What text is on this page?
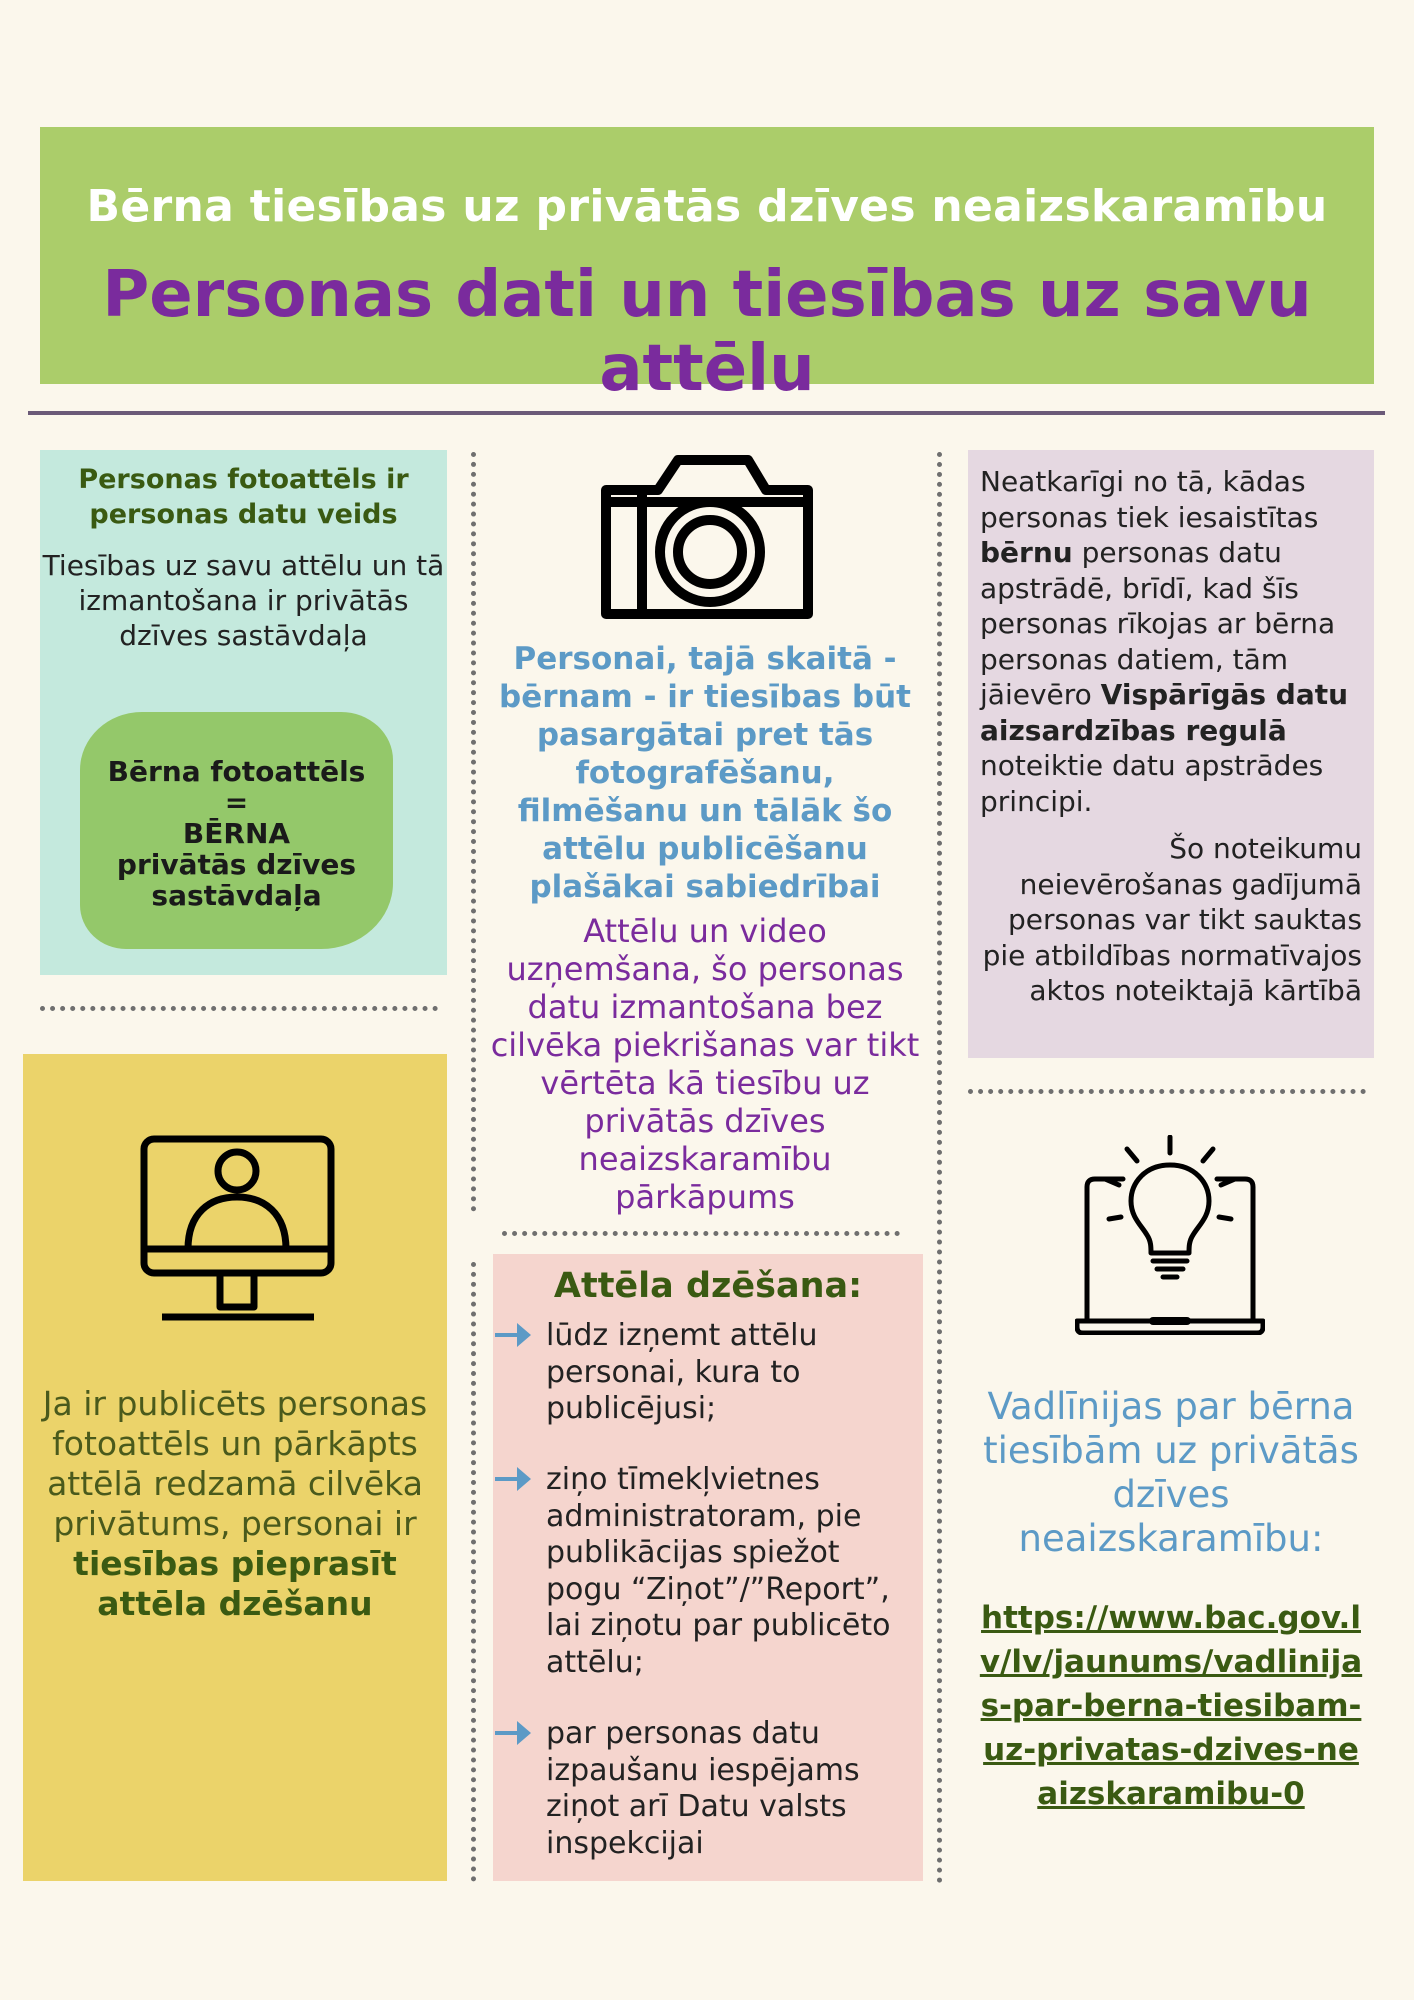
Bērna tiesības uz privātās dzīves neaizskaramību
Personas dati un tiesības uz savu attēlu
Personas fotoattēls ir personas datu veids
Tiesības uz savu attēlu un tā izmantošana ir privātās dzīves sastāvdaļa
Bērna fotoattēls
=
BĒRNA
privātās dzīves
sastāvdaļa
Personai, tajā skaitā - bērnam - ir tiesības būt pasargātai pret tās fotografēšanu, filmēšanu un tālāk šo attēlu publicēšanu plašākai sabiedrībai
Attēlu un video uzņemšana, šo personas datu izmantošana bez cilvēka piekrišanas var tikt vērtēta kā tiesību uz privātās dzīves neaizskaramību pārkāpums
Neatkarīgi no tā, kādas personas tiek iesaistītas bērnu personas datu apstrādē, brīdī, kad šīs personas rīkojas ar bērna personas datiem, tām jāievēro Vispārīgās datu aizsardzības regulā noteiktie datu apstrādes principi.
Šo noteikumu neievērošanas gadījumā personas var tikt sauktas pie atbildības normatīvajos aktos noteiktajā kārtībā
Ja ir publicēts personas fotoattēls un pārkāpts attēlā redzamā cilvēka privātums, personai ir tiesības pieprasīt attēla dzēšanu
Attēla dzēšana:
lūdz izņemt attēlu personai, kura to publicējusi;
ziņo tīmekļvietnes administratoram, pie publikācijas spiežot pogu “Ziņot”/”Report”, lai ziņotu par publicēto attēlu;
par personas datu izpaušanu iespējams ziņot arī Datu valsts inspekcijai
Vadlīnijas par bērna tiesībām uz privātās dzīves neaizskaramību:
https://www.bac.gov.lv/lv/jaunums/vadlinijas-par-berna-tiesibam-uz-privatas-dzives-neaizskaramibu-0
